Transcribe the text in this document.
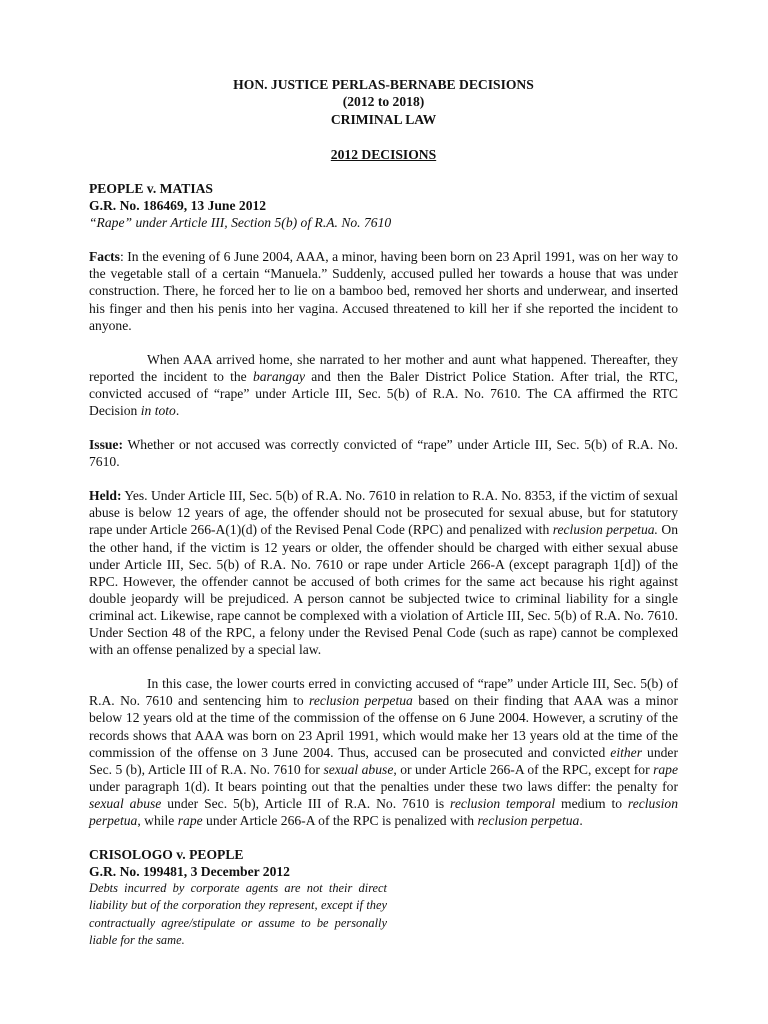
HON. JUSTICE PERLAS-BERNABE DECISIONS
(2012 to 2018)
CRIMINAL LAW
2012 DECISIONS
PEOPLE v. MATIAS
G.R. No. 186469, 13 June 2012
“Rape” under Article III, Section 5(b) of R.A. No. 7610

Facts: In the evening of 6 June 2004, AAA, a minor, having been born on 23 April 1991, was on her way to the vegetable stall of a certain “Manuela.” Suddenly, accused pulled her towards a house that was under construction. There, he forced her to lie on a bamboo bed, removed her shorts and underwear, and inserted his finger and then his penis into her vagina. Accused threatened to kill her if she reported the incident to anyone.

When AAA arrived home, she narrated to her mother and aunt what happened. Thereafter, they reported the incident to the barangay and then the Baler District Police Station. After trial, the RTC, convicted accused of “rape” under Article III, Sec. 5(b) of R.A. No. 7610. The CA affirmed the RTC Decision in toto.

Issue: Whether or not accused was correctly convicted of “rape” under Article III, Sec. 5(b) of R.A. No. 7610.

Held: Yes. Under Article III, Sec. 5(b) of R.A. No. 7610 in relation to R.A. No. 8353, if the victim of sexual abuse is below 12 years of age, the offender should not be prosecuted for sexual abuse, but for statutory rape under Article 266-A(1)(d) of the Revised Penal Code (RPC) and penalized with reclusion perpetua. On the other hand, if the victim is 12 years or older, the offender should be charged with either sexual abuse under Article III, Sec. 5(b) of R.A. No. 7610 or rape under Article 266-A (except paragraph 1[d]) of the RPC. However, the offender cannot be accused of both crimes for the same act because his right against double jeopardy will be prejudiced. A person cannot be subjected twice to criminal liability for a single criminal act. Likewise, rape cannot be complexed with a violation of Article III, Sec. 5(b) of R.A. No. 7610. Under Section 48 of the RPC, a felony under the Revised Penal Code (such as rape) cannot be complexed with an offense penalized by a special law.

In this case, the lower courts erred in convicting accused of “rape” under Article III, Sec. 5(b) of R.A. No. 7610 and sentencing him to reclusion perpetua based on their finding that AAA was a minor below 12 years old at the time of the commission of the offense on 6 June 2004. However, a scrutiny of the records shows that AAA was born on 23 April 1991, which would make her 13 years old at the time of the commission of the offense on 3 June 2004. Thus, accused can be prosecuted and convicted either under Sec. 5 (b), Article III of R.A. No. 7610 for sexual abuse, or under Article 266-A of the RPC, except for rape under paragraph 1(d). It bears pointing out that the penalties under these two laws differ: the penalty for sexual abuse under Sec. 5(b), Article III of R.A. No. 7610 is reclusion temporal medium to reclusion perpetua, while rape under Article 266-A of the RPC is penalized with reclusion perpetua.

CRISOLOGO v. PEOPLE
G.R. No. 199481, 3 December 2012
Debts incurred by corporate agents are not their direct liability but of the corporation they represent, except if they contractually agree/stipulate or assume to be personally liable for the same.
